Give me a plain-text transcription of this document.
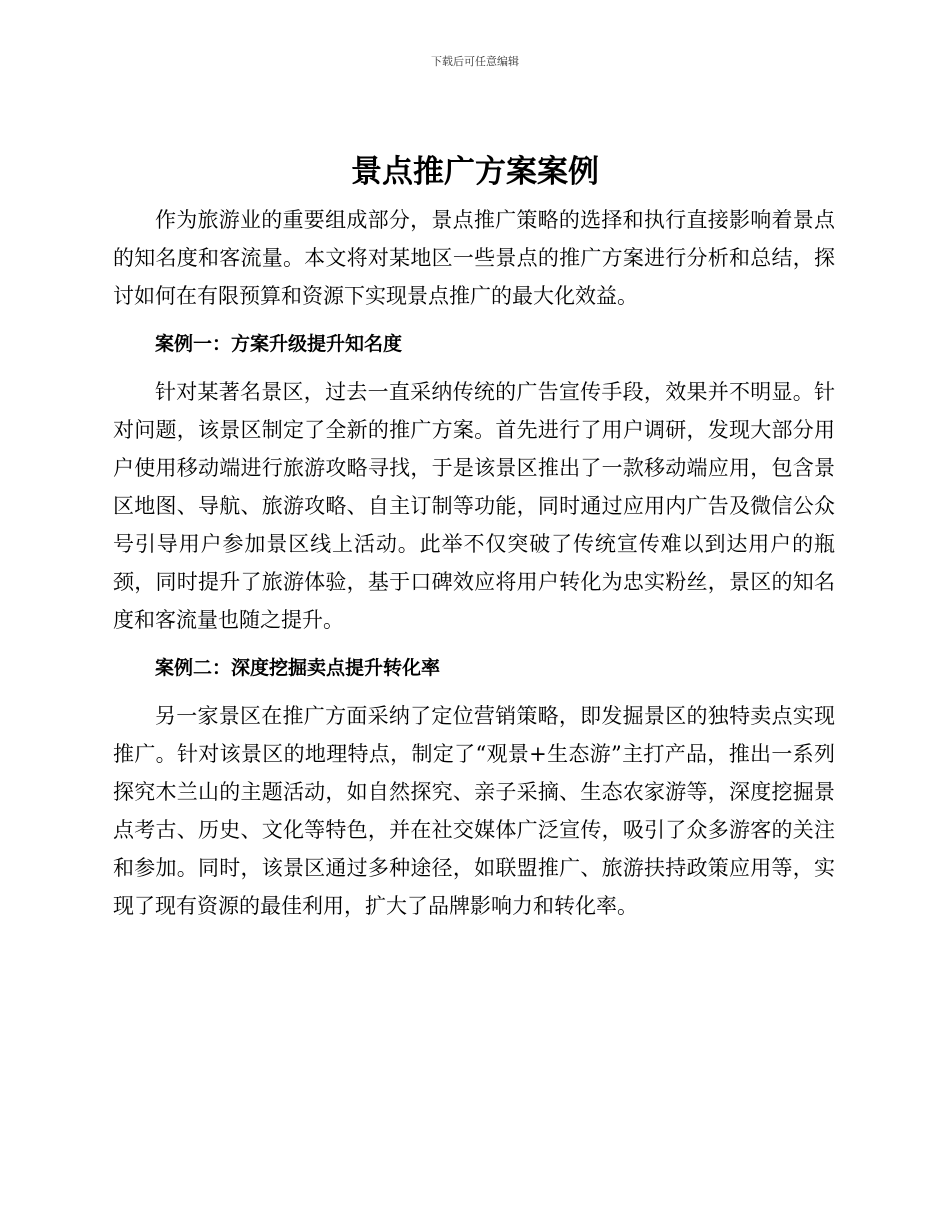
下载后可任意编辑
景点推广方案案例

作为旅游业的重要组成部分，景点推广策略的选择和执行直接影响着景点的知名度和客流量。本文将对某地区一些景点的推广方案进行分析和总结，探讨如何在有限预算和资源下实现景点推广的最大化效益。

案例一：方案升级提升知名度

针对某著名景区，过去一直采纳传统的广告宣传手段，效果并不明显。针对问题，该景区制定了全新的推广方案。首先进行了用户调研，发现大部分用户使用移动端进行旅游攻略寻找，于是该景区推出了一款移动端应用，包含景区地图、导航、旅游攻略、自主订制等功能，同时通过应用内广告及微信公众号引导用户参加景区线上活动。此举不仅突破了传统宣传难以到达用户的瓶颈，同时提升了旅游体验，基于口碑效应将用户转化为忠实粉丝，景区的知名度和客流量也随之提升。

案例二：深度挖掘卖点提升转化率

另一家景区在推广方面采纳了定位营销策略，即发掘景区的独特卖点实现推广。针对该景区的地理特点，制定了“观景+生态游”主打产品，推出一系列探究木兰山的主题活动，如自然探究、亲子采摘、生态农家游等，深度挖掘景点考古、历史、文化等特色，并在社交媒体广泛宣传，吸引了众多游客的关注和参加。同时，该景区通过多种途径，如联盟推广、旅游扶持政策应用等，实现了现有资源的最佳利用，扩大了品牌影响力和转化率。
